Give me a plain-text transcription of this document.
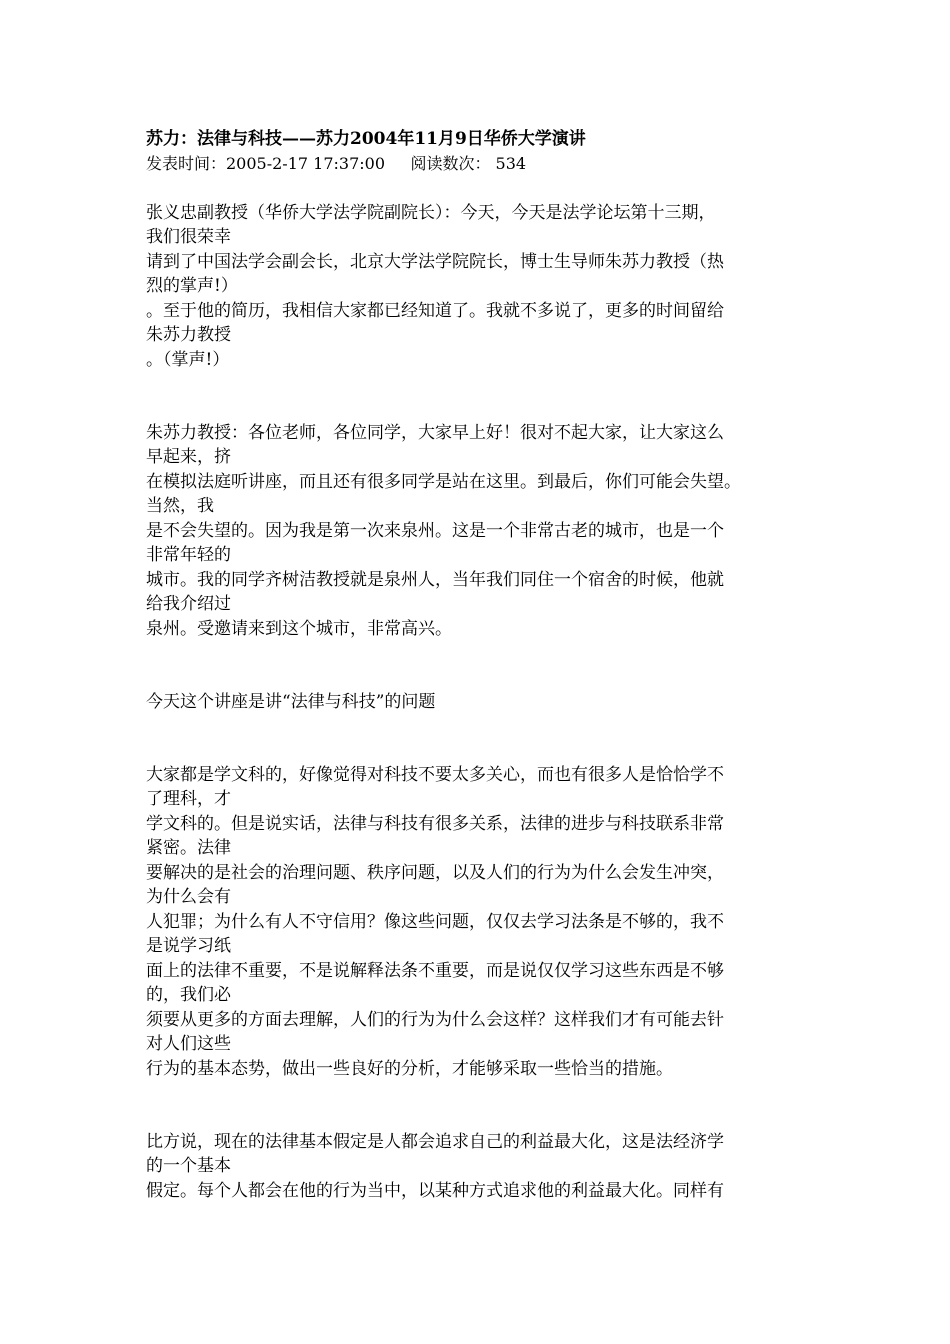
苏力：法律与科技——苏力2004年11月9日华侨大学演讲
发表时间：2005-2-17 17:37:00     阅读数次： 534
张义忠副教授（华侨大学法学院副院长）：今天，今天是法学论坛第十三期，
我们很荣幸
请到了中国法学会副会长，北京大学法学院院长，博士生导师朱苏力教授（热
烈的掌声!）
。至于他的简历，我相信大家都已经知道了。我就不多说了，更多的时间留给
朱苏力教授
。（掌声!）
朱苏力教授：各位老师，各位同学，大家早上好！很对不起大家，让大家这么
早起来，挤
在模拟法庭听讲座，而且还有很多同学是站在这里。到最后，你们可能会失望。
当然，我
是不会失望的。因为我是第一次来泉州。这是一个非常古老的城市，也是一个
非常年轻的
城市。我的同学齐树洁教授就是泉州人，当年我们同住一个宿舍的时候，他就
给我介绍过
泉州。受邀请来到这个城市，非常高兴。
今天这个讲座是讲“法律与科技”的问题
大家都是学文科的，好像觉得对科技不要太多关心，而也有很多人是恰恰学不
了理科，才
学文科的。但是说实话，法律与科技有很多关系，法律的进步与科技联系非常
紧密。法律
要解决的是社会的治理问题、秩序问题，以及人们的行为为什么会发生冲突，
为什么会有
人犯罪；为什么有人不守信用？像这些问题，仅仅去学习法条是不够的，我不
是说学习纸
面上的法律不重要，不是说解释法条不重要，而是说仅仅学习这些东西是不够
的，我们必
须要从更多的方面去理解，人们的行为为什么会这样？这样我们才有可能去针
对人们这些
行为的基本态势，做出一些良好的分析，才能够采取一些恰当的措施。
比方说，现在的法律基本假定是人都会追求自己的利益最大化，这是法经济学
的一个基本
假定。每个人都会在他的行为当中，以某种方式追求他的利益最大化。同样有
